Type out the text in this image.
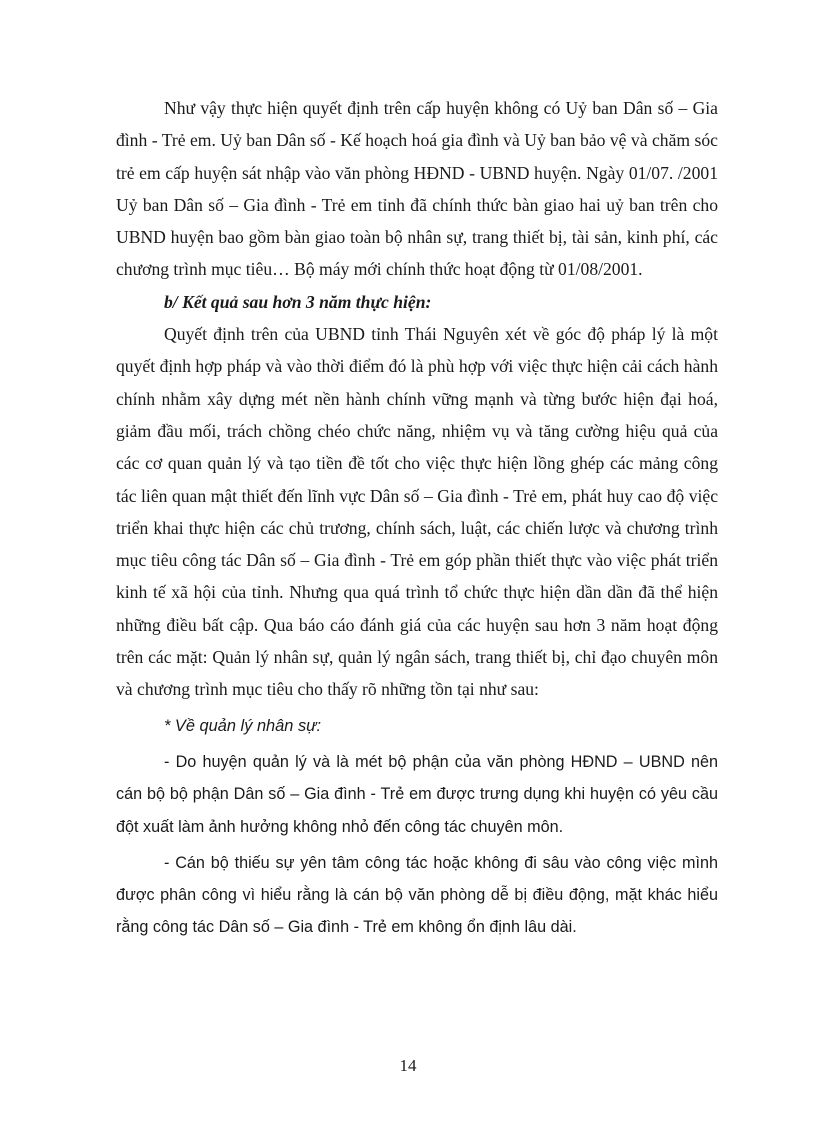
Như vậy thực hiện quyết định trên cấp huyện không có Uỷ ban Dân số – Gia đình - Trẻ em. Uỷ ban Dân số - Kế hoạch hoá gia đình và Uỷ ban bảo vệ và chăm sóc trẻ em cấp huyện sát nhập vào văn phòng HĐND - UBND huyện. Ngày 01/07. /2001 Uỷ ban Dân số – Gia đình - Trẻ em tỉnh đã chính thức bàn giao hai uỷ ban trên cho UBND huyện bao gồm bàn giao toàn bộ nhân sự, trang thiết bị, tài sản, kinh phí, các chương trình mục tiêu… Bộ máy mới chính thức hoạt động từ 01/08/2001.

b/ Kết quả sau hơn 3 năm thực hiện:

Quyết định trên của UBND tỉnh Thái Nguyên xét về góc độ pháp lý là một quyết định hợp pháp và vào thời điểm đó là phù hợp với việc thực hiện cải cách hành chính nhằm xây dựng mét nền hành chính vững mạnh và từng bước hiện đại hoá, giảm đầu mối, trách chồng chéo chức năng, nhiệm vụ và tăng cường hiệu quả của các cơ quan quản lý và tạo tiền đề tốt cho việc thực hiện lồng ghép các mảng công tác liên quan mật thiết đến lĩnh vực Dân số – Gia đình - Trẻ em, phát huy cao độ việc triển khai thực hiện các chủ trương, chính sách, luật, các chiến lược và chương trình mục tiêu công tác Dân số – Gia đình - Trẻ em góp phần thiết thực vào việc phát triển kinh tế xã hội của tỉnh. Nhưng qua quá trình tổ chức thực hiện dần dần đã thể hiện những điều bất cập. Qua báo cáo đánh giá của các huyện sau hơn 3 năm hoạt động trên các mặt: Quản lý nhân sự, quản lý ngân sách, trang thiết bị, chỉ đạo chuyên môn và chương trình mục tiêu cho thấy rõ những tồn tại như sau:

* Về quản lý nhân sự:

- Do huyện quản lý và là mét bộ phận của văn phòng HĐND – UBND nên cán bộ bộ phận Dân số – Gia đình - Trẻ em được trưng dụng khi huyện có yêu cầu đột xuất làm ảnh hưởng không nhỏ đến công tác chuyên môn.

- Cán bộ thiếu sự yên tâm công tác hoặc không đi sâu vào công việc mình được phân công vì hiểu rằng là cán bộ văn phòng dễ bị điều động, mặt khác hiểu rằng công tác Dân số – Gia đình - Trẻ em không ổn định lâu dài.

14
